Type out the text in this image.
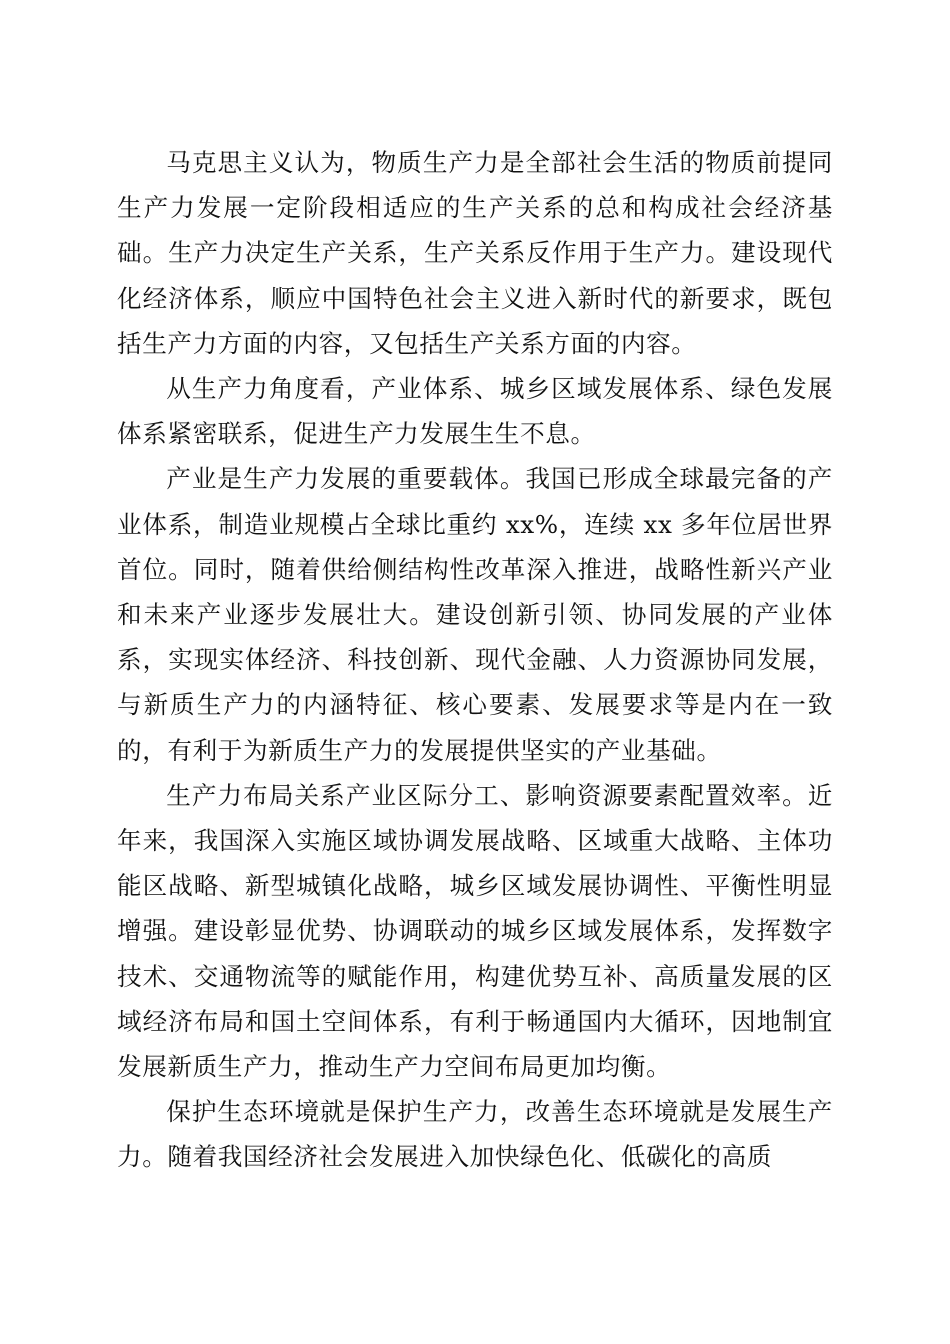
马克思主义认为，物质生产力是全部社会生活的物质前提同生产力发展一定阶段相适应的生产关系的总和构成社会经济基础。生产力决定生产关系，生产关系反作用于生产力。建设现代化经济体系，顺应中国特色社会主义进入新时代的新要求，既包括生产力方面的内容，又包括生产关系方面的内容。

从生产力角度看，产业体系、城乡区域发展体系、绿色发展体系紧密联系，促进生产力发展生生不息。

产业是生产力发展的重要载体。我国已形成全球最完备的产业体系，制造业规模占全球比重约 xx%，连续 xx 多年位居世界首位。同时，随着供给侧结构性改革深入推进，战略性新兴产业和未来产业逐步发展壮大。建设创新引领、协同发展的产业体系，实现实体经济、科技创新、现代金融、人力资源协同发展，与新质生产力的内涵特征、核心要素、发展要求等是内在一致的，有利于为新质生产力的发展提供坚实的产业基础。

生产力布局关系产业区际分工、影响资源要素配置效率。近年来，我国深入实施区域协调发展战略、区域重大战略、主体功能区战略、新型城镇化战略，城乡区域发展协调性、平衡性明显增强。建设彰显优势、协调联动的城乡区域发展体系，发挥数字技术、交通物流等的赋能作用，构建优势互补、高质量发展的区域经济布局和国土空间体系，有利于畅通国内大循环，因地制宜发展新质生产力，推动生产力空间布局更加均衡。

保护生态环境就是保护生产力，改善生态环境就是发展生产力。随着我国经济社会发展进入加快绿色化、低碳化的高质
